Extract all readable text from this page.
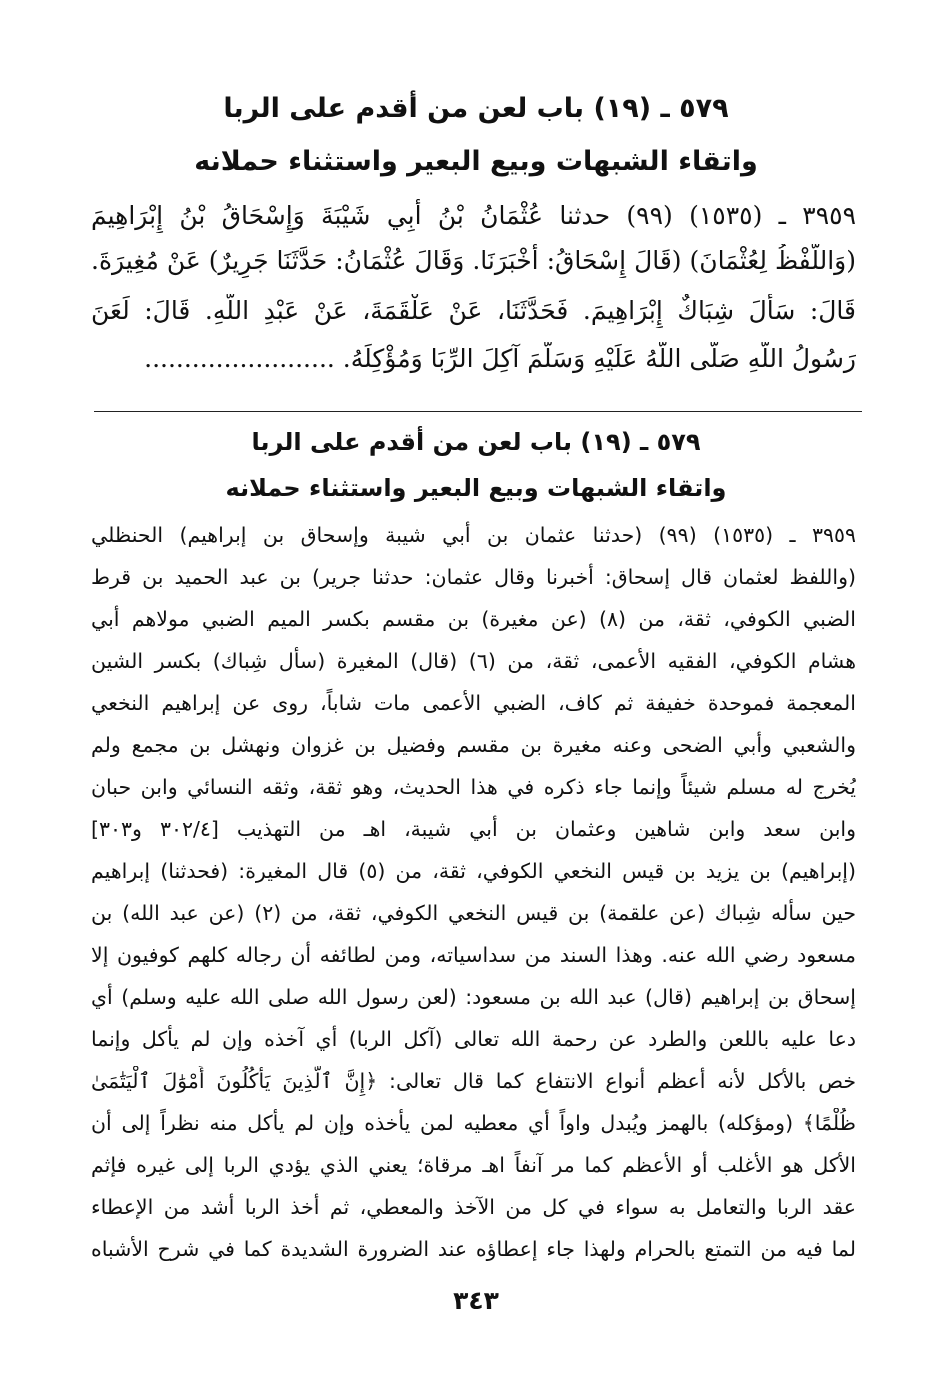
٥٧٩ ـ (١٩) باب لعن من أقدم على الربا
واتقاء الشبهات وبيع البعير واستثناء حملانه
٣٩٥٩ ـ (١٥٣٥) (٩٩) حدثنا عُثْمَانُ بْنُ أَبِي شَيْبَةَ وَإِسْحَاقُ بْنُ إِبْرَاهِيمَ
(وَاللَّفْظُ لِعُثْمَانَ) (قَالَ إِسْحَاقُ: أَخْبَرَنَا. وَقَالَ عُثْمَانُ: حَدَّثَنَا جَرِيرٌ) عَنْ مُغِيرَةَ.
قَالَ: سَأَلَ شِبَاكٌ إِبْرَاهِيمَ. فَحَدَّثَنَا، عَنْ عَلْقَمَةَ، عَنْ عَبْدِ اللَّهِ. قَالَ: لَعَنَ
رَسُولُ اللَّهِ صَلَّى اللَّهُ عَلَيْهِ وَسَلَّمَ آكِلَ الرِّبَا وَمُؤْكِلَهُ. ........................
٥٧٩ ـ (١٩) باب لعن من أقدم على الربا
واتقاء الشبهات وبيع البعير واستثناء حملانه
٣٩٥٩ ـ (١٥٣٥) (٩٩) (حدثنا عثمان بن أبي شيبة وإسحاق بن إبراهيم) الحنظلي
(واللفظ لعثمان قال إسحاق: أخبرنا وقال عثمان: حدثنا جرير) بن عبد الحميد بن قرط
الضبي الكوفي، ثقة، من (٨) (عن مغيرة) بن مقسم بكسر الميم الضبي مولاهم أبي
هشام الكوفي، الفقيه الأعمى، ثقة، من (٦) (قال) المغيرة (سأل شِباك) بكسر الشين
المعجمة فموحدة خفيفة ثم كاف، الضبي الأعمى مات شاباً، روى عن إبراهيم النخعي
والشعبي وأبي الضحى وعنه مغيرة بن مقسم وفضيل بن غزوان ونهشل بن مجمع ولم
يُخرج له مسلم شيئاً وإنما جاء ذكره في هذا الحديث، وهو ثقة، وثقه النسائي وابن حبان
وابن سعد وابن شاهين وعثمان بن أبي شيبة، اهـ من التهذيب [٣٠٢/٤ و٣٠٣]
(إبراهيم) بن يزيد بن قيس النخعي الكوفي، ثقة، من (٥) قال المغيرة: (فحدثنا) إبراهيم
حين سأله شِباك (عن علقمة) بن قيس النخعي الكوفي، ثقة، من (٢) (عن عبد الله) بن
مسعود رضي الله عنه. وهذا السند من سداسياته، ومن لطائفه أن رجاله كلهم كوفيون إلا
إسحاق بن إبراهيم (قال) عبد الله بن مسعود: (لعن رسول الله صلى الله عليه وسلم) أي
دعا عليه باللعن والطرد عن رحمة الله تعالى (آكل الربا) أي آخذه وإن لم يأكل وإنما
خص بالأكل لأنه أعظم أنواع الانتفاع كما قال تعالى: ﴿إِنَّ ٱلَّذِينَ يَأْكُلُونَ أَمْوَٰلَ ٱلْيَتَٰمَىٰ
ظُلْمًا﴾ (ومؤكله) بالهمز ويُبدل واواً أي معطيه لمن يأخذه وإن لم يأكل منه نظراً إلى أن
الأكل هو الأغلب أو الأعظم كما مر آنفاً اهـ مرقاة؛ يعني الذي يؤدي الربا إلى غيره فإثم
عقد الربا والتعامل به سواء في كل من الآخذ والمعطي، ثم أخذ الربا أشد من الإعطاء
لما فيه من التمتع بالحرام ولهذا جاء إعطاؤه عند الضرورة الشديدة كما في شرح الأشباه
٣٤٣
